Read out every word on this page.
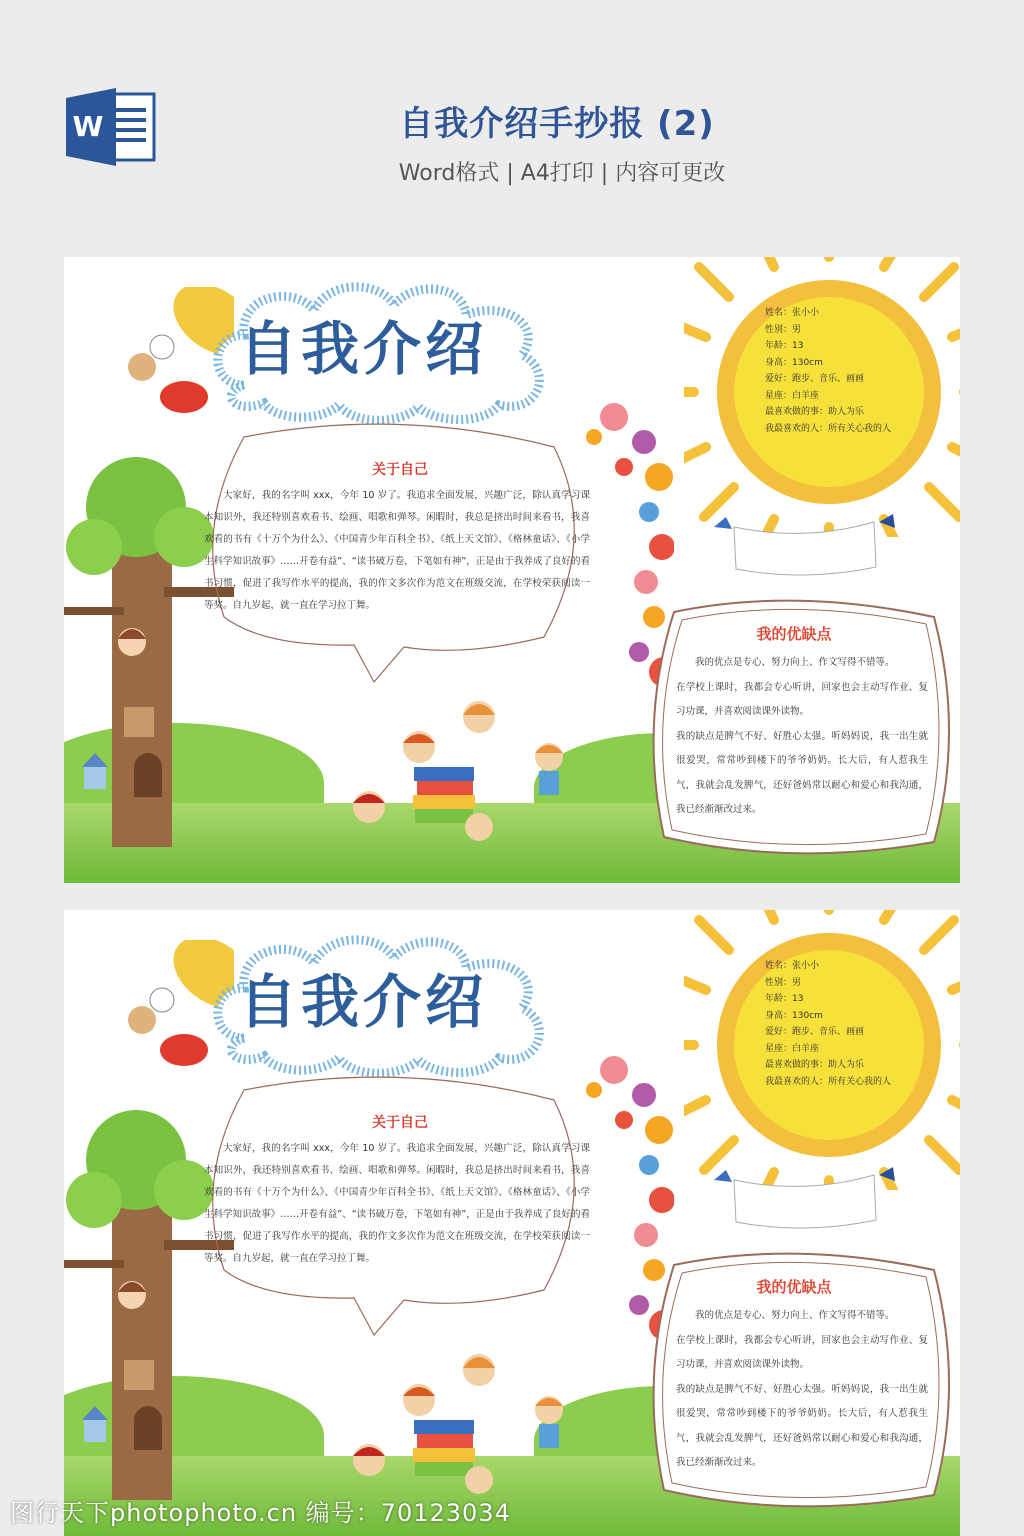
W	自我介绍手抄报 (2)
Word格式 | A4打印 | 内容可更改
自我介绍
关于自己
大家好，我的名字叫 xxx，今年 10 岁了。我追求全面发展，兴趣广泛，除认真学习课本知识外，我还特别喜欢看书、绘画、唱歌和弹琴。闲暇时，我总是挤出时间来看书，我喜欢看的书有《十万个为什么》、《中国青少年百科全书》、《纸上天文馆》、《格林童话》、《小学生科学知识故事》……开卷有益”、“读书破万卷，下笔如有神”，正是由于我养成了良好的看书习惯，促进了我写作水平的提高，我的作文多次作为范文在班级交流，在学校荣获阅读一等奖。自九岁起，就一直在学习拉丁舞。
姓名：张小小
性别：男
年龄：13
身高：130cm
爱好：跑步、音乐、画画
星座：白羊座
最喜欢做的事：助人为乐
我最喜欢的人：所有关心我的人
我的优缺点

我的优点是专心、努力向上、作文写得不错等。

在学校上课时，我都会专心听讲，回家也会主动写作业、复习功课，并喜欢阅读课外读物。

我的缺点是脾气不好、好胜心太强。听妈妈说，我一出生就很爱哭，常常吵到楼下的爷爷奶奶。长大后，有人惹我生气，我就会乱发脾气，还好爸妈常以耐心和爱心和我沟通，我已经渐渐改过来。

自我介绍
关于自己
大家好，我的名字叫 xxx，今年 10 岁了。我追求全面发展，兴趣广泛，除认真学习课本知识外，我还特别喜欢看书、绘画、唱歌和弹琴。闲暇时，我总是挤出时间来看书，我喜欢看的书有《十万个为什么》、《中国青少年百科全书》、《纸上天文馆》、《格林童话》、《小学生科学知识故事》……开卷有益”、“读书破万卷，下笔如有神”，正是由于我养成了良好的看书习惯，促进了我写作水平的提高，我的作文多次作为范文在班级交流，在学校荣获阅读一等奖。自九岁起，就一直在学习拉丁舞。
姓名：张小小
性别：男
年龄：13
身高：130cm
爱好：跑步、音乐、画画
星座：白羊座
最喜欢做的事：助人为乐
我最喜欢的人：所有关心我的人
我的优缺点

我的优点是专心、努力向上、作文写得不错等。

在学校上课时，我都会专心听讲，回家也会主动写作业、复习功课，并喜欢阅读课外读物。

我的缺点是脾气不好、好胜心太强。听妈妈说，我一出生就很爱哭，常常吵到楼下的爷爷奶奶。长大后，有人惹我生气，我就会乱发脾气，还好爸妈常以耐心和爱心和我沟通，我已经渐渐改过来。

图行天下photophoto.cn 编号：70123034
